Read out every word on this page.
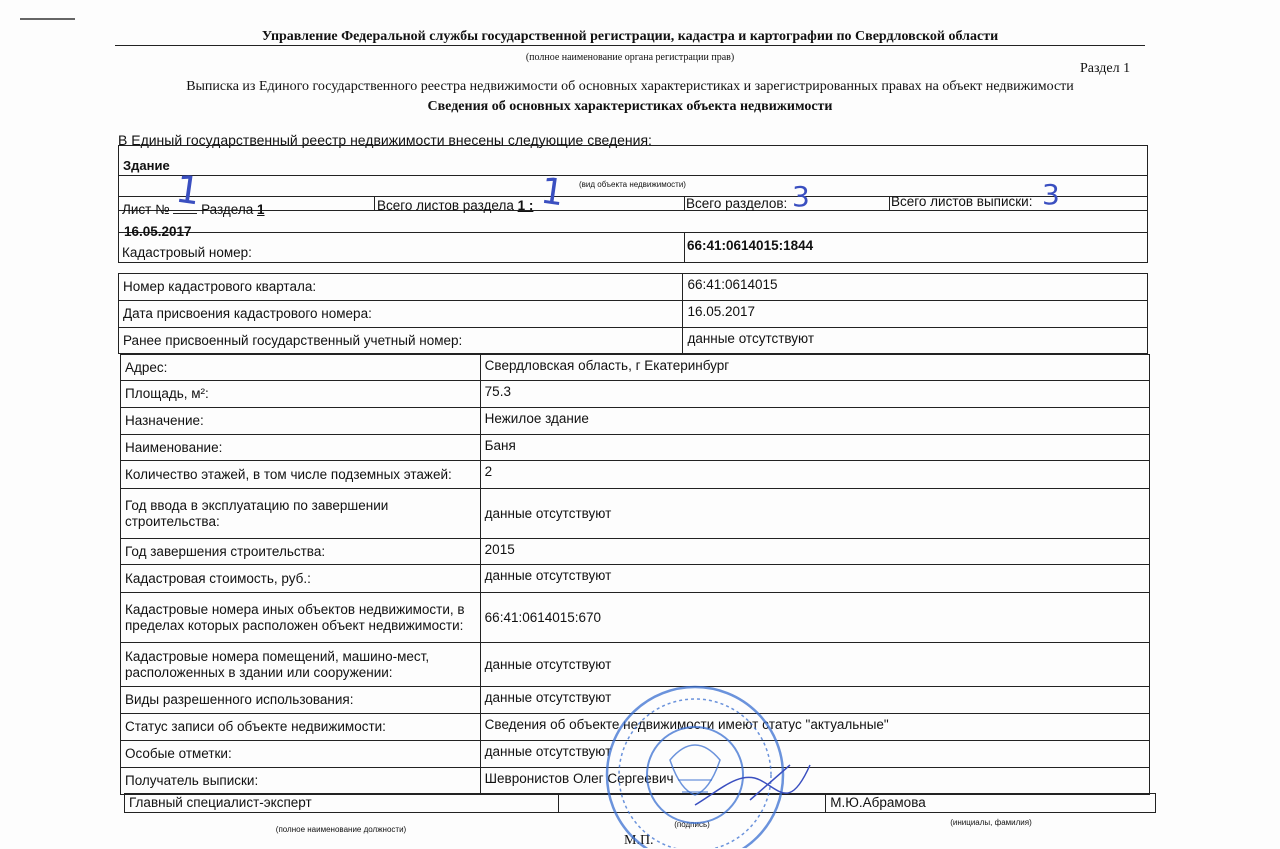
Управление Федеральной службы государственной регистрации, кадастра и картографии по Свердловской области
(полное наименование органа регистрации прав)
Раздел 1
Выписка из Единого государственного реестра недвижимости об основных характеристиках и зарегистрированных правах на объект недвижимости
Сведения об основных характеристиках объекта недвижимости
В Единый государственный реестр недвижимости внесены следующие сведения:
Здание
(вид объекта недвижимости)
Лист № Раздела 1
1	Всего листов раздела 1 : 1	Всего разделов: 3	Всего листов выписки: 3
16.05.2017
Кадастровый номер:	66:41:0614015:1844
Номер кадастрового квартала:	66:41:0614015
Дата присвоения кадастрового номера:	16.05.2017
Ранее присвоенный государственный учетный номер:	данные отсутствуют
Адрес:	Свердловская область, г Екатеринбург
Площадь, м²:	75.3
Назначение:	Нежилое здание
Наименование:	Баня
Количество этажей, в том числе подземных этажей:	2
Год ввода в эксплуатацию по завершении строительства:	данные отсутствуют
Год завершения строительства:	2015
Кадастровая стоимость, руб.:	данные отсутствуют
Кадастровые номера иных объектов недвижимости, в пределах которых расположен объект недвижимости:	66:41:0614015:670
Кадастровые номера помещений, машино-мест, расположенных в здании или сооружении:	данные отсутствуют
Виды разрешенного использования:	данные отсутствуют
Статус записи об объекте недвижимости:	Сведения об объекте недвижимости имеют статус "актуальные"
Особые отметки:	данные отсутствуют
Получатель выписки:	Шевронистов Олег Сергеевич
Главный специалист-эксперт		М.Ю.Абрамова
(полное наименование должности)
(подпись)	(инициалы, фамилия)
М.П.
